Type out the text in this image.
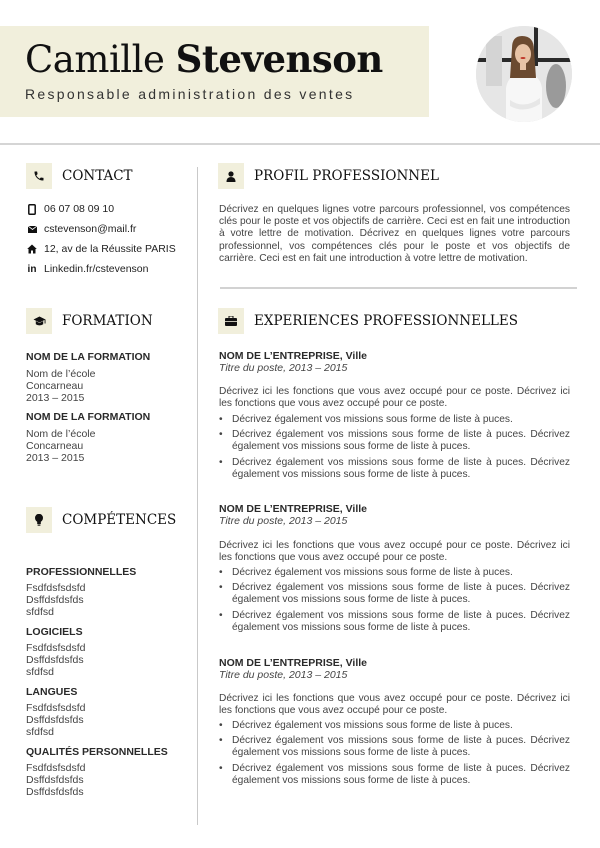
Camille Stevenson
Responsable administration des ventes
CONTACT
06 07 08 09 10
cstevenson@mail.fr
12, av de la Réussite PARIS
in Linkedin.fr/cstevenson
FORMATION
NOM DE LA FORMATION
Nom de l’école
Concarneau
2013 – 2015
NOM DE LA FORMATION
Nom de l’école
Concarneau
2013 – 2015
COMPÉTENCES
PROFESSIONNELLES
Fsdfdsfsdsfd
Dsffdsfdsfds
sfdfsd
LOGICIELS
Fsdfdsfsdsfd
Dsffdsfdsfds
sfdfsd
LANGUES
Fsdfdsfsdsfd
Dsffdsfdsfds
sfdfsd
QUALITÉS PERSONNELLES
Fsdfdsfsdsfd
Dsffdsfdsfds
Dsffdsfdsfds
PROFIL PROFESSIONNEL
Décrivez en quelques lignes votre parcours professionnel, vos compétences clés pour le poste et vos objectifs de carrière. Ceci est en fait une introduction à votre lettre de motivation. Décrivez en quelques lignes votre parcours professionnel, vos compétences clés pour le poste et vos objectifs de carrière. Ceci est en fait une introduction à votre lettre de motivation.
EXPERIENCES PROFESSIONNELLES
NOM DE L’ENTREPRISE, Ville
Titre du poste, 2013 – 2015
Décrivez ici les fonctions que vous avez occupé pour ce poste. Décrivez ici les fonctions que vous avez occupé pour ce poste.
• Décrivez également vos missions sous forme de liste à puces.
• Décrivez également vos missions sous forme de liste à puces. Décrivez également vos missions sous forme de liste à puces.
• Décrivez également vos missions sous forme de liste à puces. Décrivez également vos missions sous forme de liste à puces.
NOM DE L’ENTREPRISE, Ville
Titre du poste, 2013 – 2015
Décrivez ici les fonctions que vous avez occupé pour ce poste. Décrivez ici les fonctions que vous avez occupé pour ce poste.
• Décrivez également vos missions sous forme de liste à puces.
• Décrivez également vos missions sous forme de liste à puces. Décrivez également vos missions sous forme de liste à puces.
• Décrivez également vos missions sous forme de liste à puces. Décrivez également vos missions sous forme de liste à puces.
NOM DE L’ENTREPRISE, Ville
Titre du poste, 2013 – 2015
Décrivez ici les fonctions que vous avez occupé pour ce poste. Décrivez ici les fonctions que vous avez occupé pour ce poste.
• Décrivez également vos missions sous forme de liste à puces.
• Décrivez également vos missions sous forme de liste à puces. Décrivez également vos missions sous forme de liste à puces.
• Décrivez également vos missions sous forme de liste à puces. Décrivez également vos missions sous forme de liste à puces.
